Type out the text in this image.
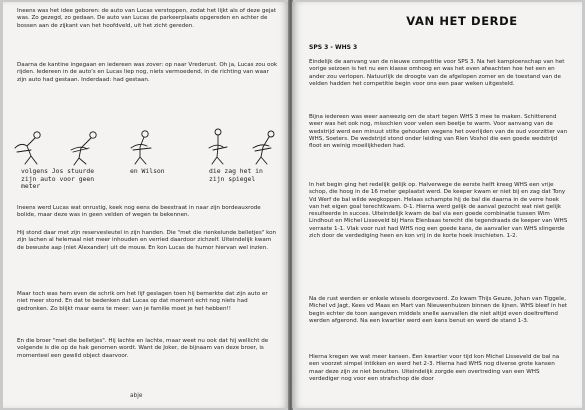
Ineens was het idee geboren: de auto van Lucas verstoppen, zodat het lijkt als of deze gejat was. Zo gezegd, zo gedaan. De auto van Lucas de parkeerplaats opgereden en achter de bossen aan de zijkant van het hoofdveld, uit het zicht gereden.

Daarna de kantine ingegaan en iedereen was zover: op naar Vrederust. Oh ja, Lucas zou ook rijden. Iedereen in de auto's en Lucas liep nog, niets vermoedend, in de richting van waar zijn auto had gestaan. Inderdaad: had gestaan.

volgens Jos stuurde
zijn auto voor geen
meter

en Wilson	die zag het in
zijn spiegel

Ineens werd Lucas wat onrustig, keek nog eens de beestraat in naar zijn bordeauxrode bolide, maar deze was in geen velden of wegen te bekennen.

Hij stond daar met zijn reservesleutel in zijn handen. Die "met die rienkelunde belletjes" kon zijn lachen al helemaal niet meer inhouden en verried daardoor zichzelf. Uiteindelijk kwam de bewuste aap (niet Alexander) uit de mouw. En kon Lucas de humor hiervan wel inzien.

Maar toch was hem even de schrik om het lijf geslagen toen hij bemerkte dat zijn auto er niet meer stond. En dat te bedenken dat Lucas op dat moment echt nog niets had gedronken. Zo blijkt maar eens te meer: van je familie moet je het hebben!!

En die broer "met die belletjes". Hij lachte en lachte, maar weet nu ook dat hij wellicht de volgende is die op de hak genomen wordt. Want de Joker, de bijnaam van deze broer, is momenteel een gewild object daarvoor.

abje

VAN HET DERDE

SPS 3 - WHS 3

Eindelijk de aanvang van de nieuwe competitie voor SPS 3. Na het kampioenschap van het vorige seizoen is het nu een klasse omhoog en was het even afwachten hoe het een en ander zou verlopen. Natuurlijk de droogte van de afgelopen zomer en de toestand van de velden hadden het competitie begin voor ons een paar weken uitgesteld.

Bijna iedereen was weer aanwezig om de start tegen WHS 3 mee te maken. Schitterend weer was het ook nog, misschien voor velen een beetje te warm. Voor aanvang van de wedstrijd werd een minuut stilte gehouden wegens het overlijden van de oud voorzitter van WHS, Soeters. De wedstrijd stond onder leiding van Rien Voshol die een goede wedstrijd floot en weinig moeilijkheden had.

In het begin ging het redelijk gelijk op. Halverwege de eerste helft kreeg WHS een vrije schop, die hoog in de 16 meter geplaatst werd. De keeper kwam er niet bij en zag dat Tony Vd Werf de bal wilde wegkoppen. Helaas schampte hij de bal die daarna in de verre hoek van het eigen goal terechtkwam. 0-1. Hierna werd gelijk de aanval gezocht wat niet gelijk resulteerde in succes. Uiteindelijk kwam de bal via een goede combinatie tussen Wim Lindhout en Michel Lisseveld bij Hans Elenbaas terecht die tegendraads de keeper van WHS verraste 1-1. Vlak voor rust had WHS nog een goede kans, de aanvaller van WHS slingerde zich door de verdediging heen en kon vrij in de korte hoek inschieten. 1-2.

Na de rust werden er enkele wissels doorgevoerd. Zo kwam Thijs Geuze, Johan van Tiggele, Michel vd Jagt, Kees vd Maas en Mart van Nieuwenhuizen binnen de lijnen. WHS bleef in het begin echter de toon aangeven middels snelle aanvallen die niet altijd even doeltreffend werden afgerond. Na een kwartier werd een kans benut en werd de stand 1-3.

Hierna kregen we wat meer kansen. Een kwartier voor tijd kon Michel Lisseveld de bal na een voorzet simpel intikken en werd het 2-3. Hierna had WHS nog diverse grote kansen maar deze zijn ze niet benutten. Uiteindelijk zorgde een overtreding van een WHS verdediger nog voor een strafschop die door
